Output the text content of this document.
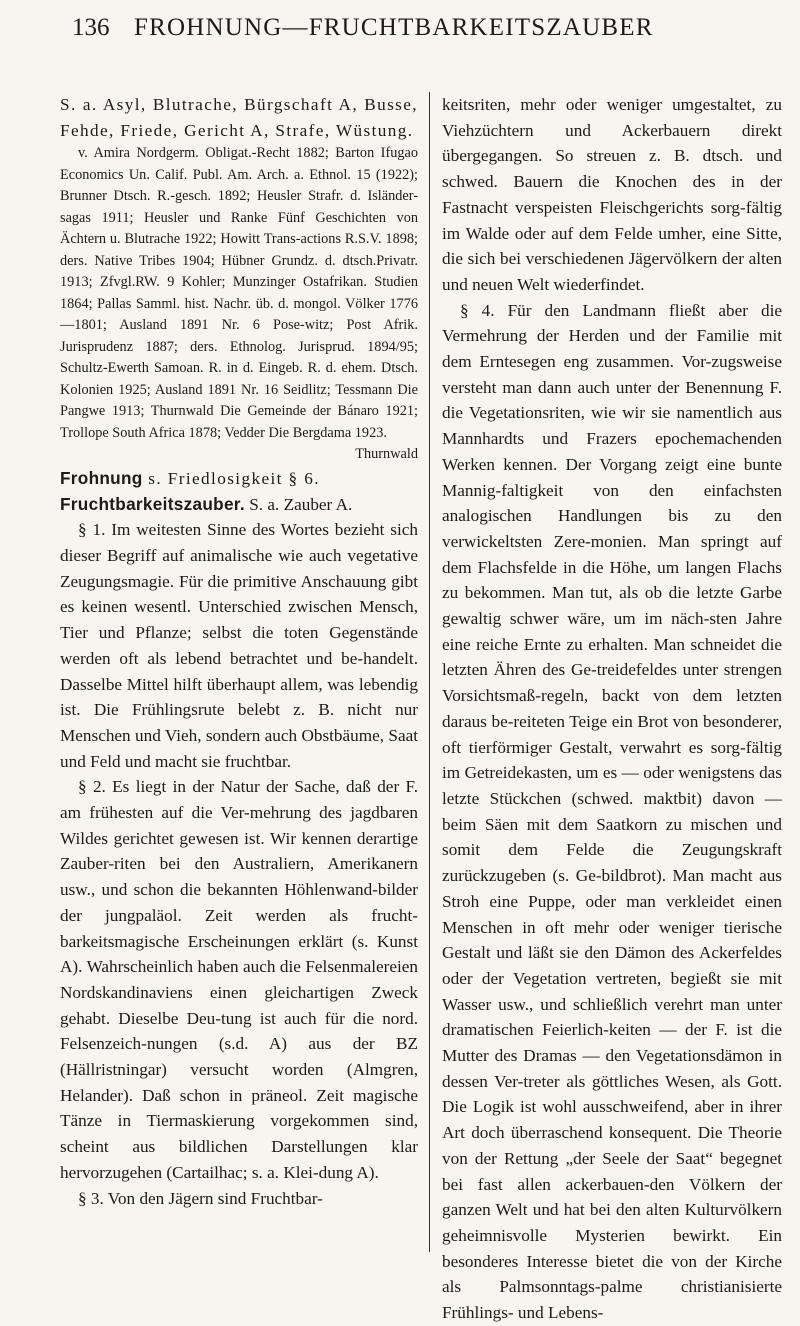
136 FROHNUNG—FRUCHTBARKEITSZAUBER

S. a. Asyl, Blutrache, Bürgschaft A, Busse, Fehde, Friede, Gericht A, Strafe, Wüstung.

v. Amira Nordgerm. Obligat.-Recht 1882; Barton Ifugao Economics Un. Calif. Publ. Am. Arch. a. Ethnol. 15 (1922); Brunner Dtsch. R.-gesch. 1892; Heusler Strafr. d. Isländer-sagas 1911; Heusler und Ranke Fünf Geschichten von Ächtern u. Blutrache 1922; Howitt Trans-actions R.S.V. 1898; ders. Native Tribes 1904; Hübner Grundz. d. dtsch.Privatr. 1913; Zfvgl.RW. 9 Kohler; Munzinger Ostafrikan. Studien 1864; Pallas Samml. hist. Nachr. üb. d. mongol. Völker 1776—1801; Ausland 1891 Nr. 6 Pose-witz; Post Afrik. Jurisprudenz 1887; ders. Ethnolog. Jurisprud. 1894/95; Schultz-Ewerth Samoan. R. in d. Eingeb. R. d. ehem. Dtsch. Kolonien 1925; Ausland 1891 Nr. 16 Seidlitz; Tessmann Die Pangwe 1913; Thurnwald Die Gemeinde der Bánaro 1921; Trollope South Africa 1878; Vedder Die Bergdama 1923.

Thurnwald

Frohnung s. Friedlosigkeit § 6.

Fruchtbarkeitszauber. S. a. Zauber A.

§ 1. Im weitesten Sinne des Wortes bezieht sich dieser Begriff auf animalische wie auch vegetative Zeugungsmagie. Für die primitive Anschauung gibt es keinen wesentl. Unterschied zwischen Mensch, Tier und Pflanze; selbst die toten Gegenstände werden oft als lebend betrachtet und be-handelt. Dasselbe Mittel hilft überhaupt allem, was lebendig ist. Die Frühlingsrute belebt z. B. nicht nur Menschen und Vieh, sondern auch Obstbäume, Saat und Feld und macht sie fruchtbar.

§ 2. Es liegt in der Natur der Sache, daß der F. am frühesten auf die Ver-mehrung des jagdbaren Wildes gerichtet gewesen ist. Wir kennen derartige Zauber-riten bei den Australiern, Amerikanern usw., und schon die bekannten Höhlenwand-bilder der jungpaläol. Zeit werden als frucht-barkeitsmagische Erscheinungen erklärt (s. Kunst A). Wahrscheinlich haben auch die Felsenmalereien Nordskandinaviens einen gleichartigen Zweck gehabt. Dieselbe Deu-tung ist auch für die nord. Felsenzeich-nungen (s.d. A) aus der BZ (Hällristningar) versucht worden (Almgren, Helander). Daß schon in präneol. Zeit magische Tänze in Tiermaskierung vorgekommen sind, scheint aus bildlichen Darstellungen klar hervorzugehen (Cartailhac; s. a. Klei-dung A).

§ 3. Von den Jägern sind Fruchtbar-

keitsriten, mehr oder weniger umgestaltet, zu Viehzüchtern und Ackerbauern direkt übergegangen. So streuen z. B. dtsch. und schwed. Bauern die Knochen des in der Fastnacht verspeisten Fleischgerichts sorg-fältig im Walde oder auf dem Felde umher, eine Sitte, die sich bei verschiedenen Jägervölkern der alten und neuen Welt wiederfindet.

§ 4. Für den Landmann fließt aber die Vermehrung der Herden und der Familie mit dem Erntesegen eng zusammen. Vor-zugsweise versteht man dann auch unter der Benennung F. die Vegetationsriten, wie wir sie namentlich aus Mannhardts und Frazers epochemachenden Werken kennen. Der Vorgang zeigt eine bunte Mannig-faltigkeit von den einfachsten analogischen Handlungen bis zu den verwickeltsten Zere-monien. Man springt auf dem Flachsfelde in die Höhe, um langen Flachs zu bekommen. Man tut, als ob die letzte Garbe gewaltig schwer wäre, um im näch-sten Jahre eine reiche Ernte zu erhalten. Man schneidet die letzten Ähren des Ge-treidefeldes unter strengen Vorsichtsmaß-regeln, backt von dem letzten daraus be-reiteten Teige ein Brot von besonderer, oft tierförmiger Gestalt, verwahrt es sorg-fältig im Getreidekasten, um es — oder wenigstens das letzte Stückchen (schwed. maktbit) davon — beim Säen mit dem Saatkorn zu mischen und somit dem Felde die Zeugungskraft zurückzugeben (s. Ge-bildbrot). Man macht aus Stroh eine Puppe, oder man verkleidet einen Menschen in oft mehr oder weniger tierische Gestalt und läßt sie den Dämon des Ackerfeldes oder der Vegetation vertreten, begießt sie mit Wasser usw., und schließlich verehrt man unter dramatischen Feierlich-keiten — der F. ist die Mutter des Dramas — den Vegetationsdämon in dessen Ver-treter als göttliches Wesen, als Gott. Die Logik ist wohl ausschweifend, aber in ihrer Art doch überraschend konsequent. Die Theorie von der Rettung „der Seele der Saat“ begegnet bei fast allen ackerbauen-den Völkern der ganzen Welt und hat bei den alten Kulturvölkern geheimnisvolle Mysterien bewirkt. Ein besonderes Interesse bietet die von der Kirche als Palmsonntags-palme christianisierte Frühlings- und Lebens-
